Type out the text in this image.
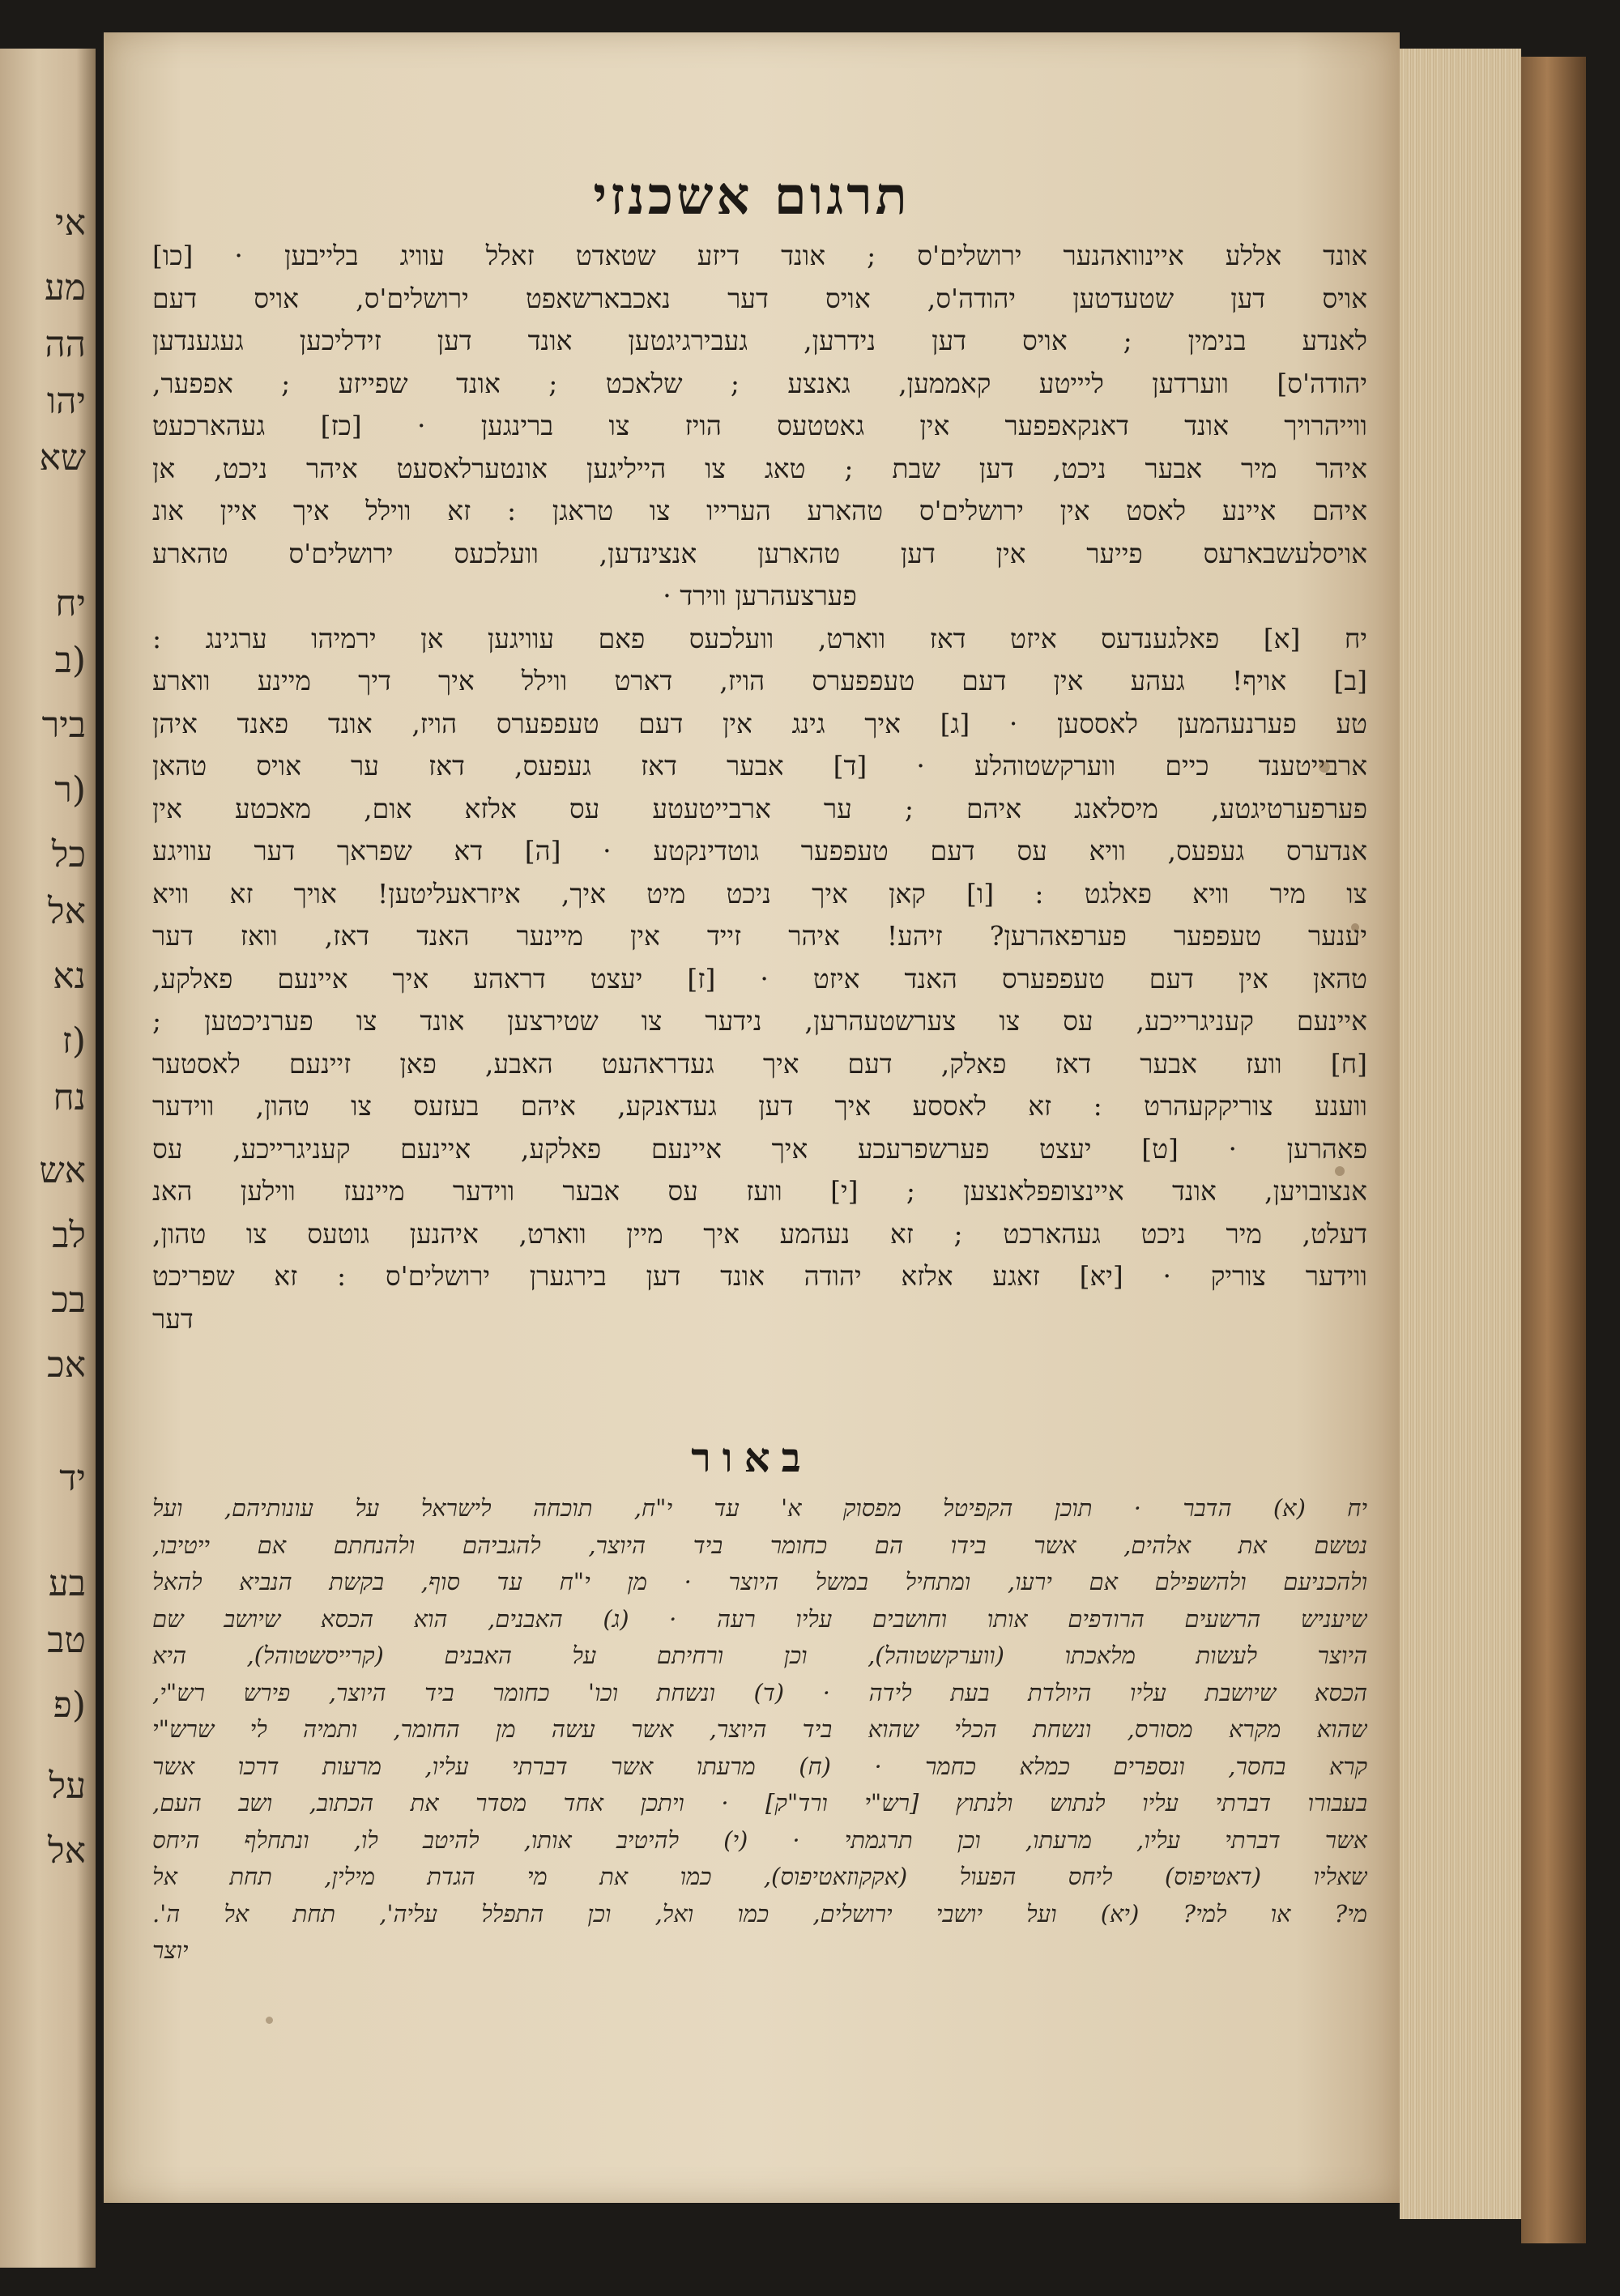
אי
מע
הה
יהו
שא
יח
(ב
ביר
(ר
כל
אל
נא
(ז
נח
אש
לב
בכ
אכ
יד
בע
טב
(פ
על
אל
תרגום אשכנזי
אונד אללע איינוואהנער ירושלים'ס ; אונד דיזע שטאדט זאלל עוויג בלייבען · [כו]
אויס דען שטעדטען יהודה'ס, אויס דער נאכבארשאפט ירושלים'ס, אויס דעם
לאנדע בנימין ; אויס דען נידרען, געבירגיגטען אונד דען זידליכען געגענדען
יהודה'ס] ווערדען ליייטע קאממען, גאנצע ; שלאכט ; אונד שפייזע ; אפפער,
ווייהרויך אונד דאנקאפפער אין גאטטעס הויז צו ברינגען · [כז] געהארכעט
איהר מיר אבער ניכט, דען שבת ; טאג צו הייליגען אונטערלאסעט איהר ניכט, אן
איהם איינע לאסט אין ירושלים'ס טהארע הערייו צו טראגן : זא ווילל איך איין אונ
אויסלעשבארעס פייער אין דען טהארען אנצינדען, וועלכעס ירושלים'ס טהארע
פערצעהרען ווירד ·
יח [א] פאלגענדעס איזט דאז ווארט, וועלכעס פאם עוויגען אן ירמיהו ערגינג :
[ב] אויף! געהע אין דעם טעפפערס הויז, דארט ווילל איך דיך מיינע ווארע
טע פערנעהמען לאססען · [ג] איך גינג אין דעם טעפפערס הויז, אונד פאנד איהן
ארבייטענד כיים ווערקשטוהלע · [ד] אבער דאז געפעס, דאז ער אויס טהאן
פערפערטיגטע, מיסלאנג איהם ; ער ארבייטעטע עס אלזא אום, מאכטע אין
אנדערס געפעס, וויא עס דעם טעפפער גוטדינקטע · [ה] דא שפראך דער עוויגע
צו מיר וויא פאלגט : [ו] קאן איך ניכט מיט איך, איזראעליטען! אויך זא וויא
יענער טעפפער פערפאהרען? זיהע! איהר זייד אין מיינער האנד דאז, וואז דער
טהאן אין דעם טעפפערס האנד איזט · [ז] יעצט דראהע איך איינעם פאלקע,
איינעם קעניגרייכע, עס צו צערשטעהרען, נידער צו שטירצען אונד צו פערניכטען ;
[ח] וועז אבער דאז פאלק, דעם איך געדראהעט האבע, פאן זיינעם לאסטער
ווענע צוריקקעהרט : זא לאססע איך דען געדאנקע, איהם בעזעס צו טהון, ווידער
פאהרען · [ט] יעצט פערשפרעכע איך איינעם פאלקע, איינעם קעניגרייכע, עס
אנצובויען, אונד איינצופפלאנצען ; [י] וועז עס אבער ווידער מיינעז ווילען האנ
דעלט, מיר ניכט געהארכט ; זא נעהמע איך מיין ווארט, איהנען גוטעס צו טהון,
ווידער צוריק · [יא] זאגע אלזא יהודה אונד דען בירגערן ירושלים'ס : זא שפריכט
דער
באור
יח (א) הדבר · תוכן הקפיטל מפסוק א' עד י"ח, תוכחה לישראל על עונותיהם, ועל
נטשם את אלהים, אשר בידו הם כחומר ביד היוצר, להגביהם ולהנחתם אם ייטיבו,
ולהכניעם ולהשפילם אם ירעו, ומתחיל במשל היוצר · מן י"ח עד סוף, בקשת הנביא להאל
שיעניש הרשעים הרודפים אותו וחושבים עליו רעה · (ג) האבנים, הוא הכסא שיושב שם
היוצר לעשות מלאכתו (ווערקשטוהל), וכן ורחיתם על האבנים (קרייסשטוהל), היא
הכסא שיושבת עליו היולדת בעת לידה · (ד) ונשחת וכו' כחומר ביד היוצר, פירש רש"י,
שהוא מקרא מסורס, ונשחת הכלי שהוא ביד היוצר, אשר עשה מן החומר, ותמיה לי שרש"י
קרא בחסר, ונספרים כמלא כחמר · (ח) מרעתו אשר דברתי עליו, מרעות דרכו אשר
בעבורו דברתי עליו לנתוש ולנתוץ [רש"י ורד"ק] · ויתכן אחד מסדר את הכתוב, ושב העם,
אשר דברתי עליו, מרעתו, וכן תרגמתי · (י) להיטיב אותו, להיטב לו, ונתחלף היחס
שאליו (דאטיפוס) ליחס הפעול (אקקוזאטיפוס), כמו את מי הגדת מילין, תחת אל
מי? או למי? (יא) ועל יושבי ירושלים, כמו ואל, וכן התפלל עליה', תחת אל ה'.
יוצר
